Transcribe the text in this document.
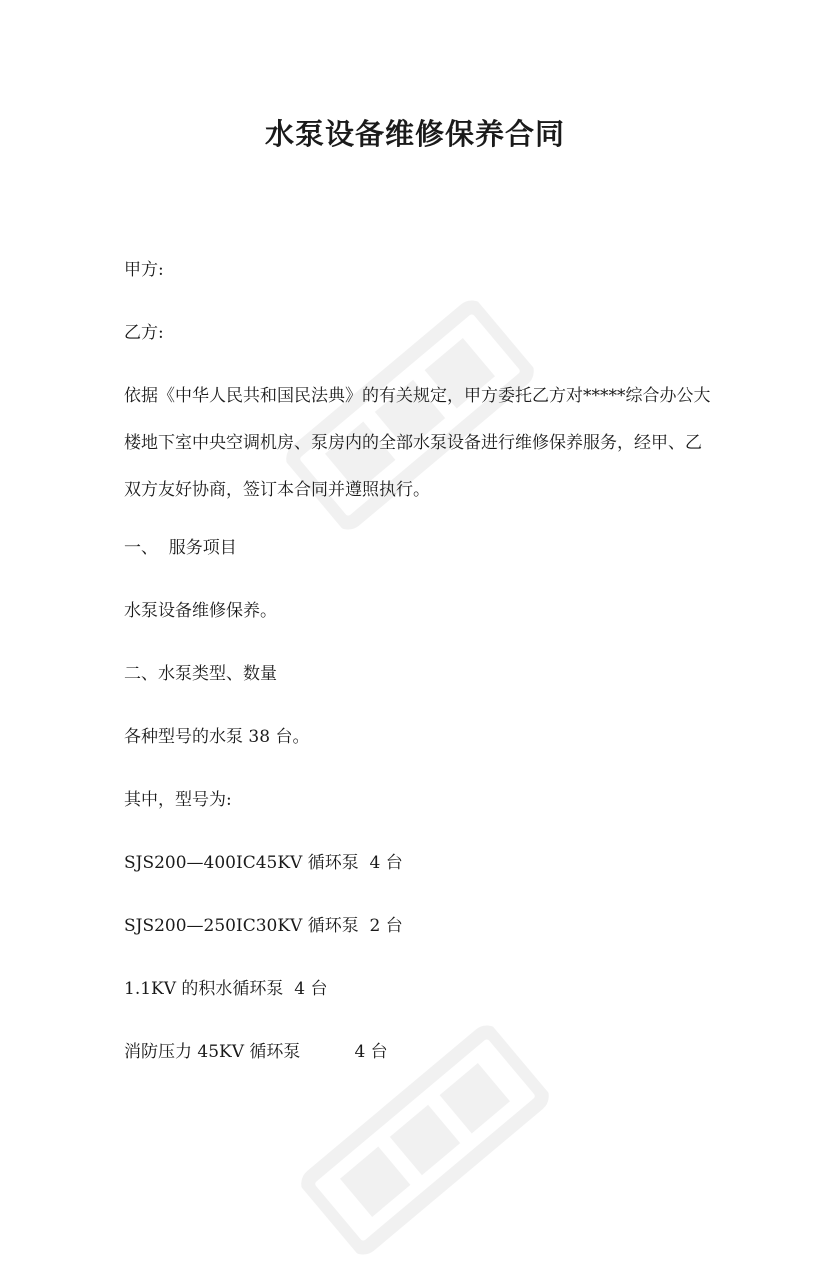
水泵设备维修保养合同

甲方:

乙方:

依据《中华人民共和国民法典》的有关规定，甲方委托乙方对*****综合办公大

楼地下室中央空调机房、泵房内的全部水泵设备进行维修保养服务，经甲、乙

双方友好协商，签订本合同并遵照执行。

一、  服务项目

水泵设备维修保养。

二、水泵类型、数量

各种型号的水泵 38 台。

其中，型号为:

SJS200—400IC45KV 循环泵  4 台

SJS200—250IC30KV 循环泵  2 台

1.1KV 的积水循环泵  4 台

消防压力 45KV 循环泵          4 台
